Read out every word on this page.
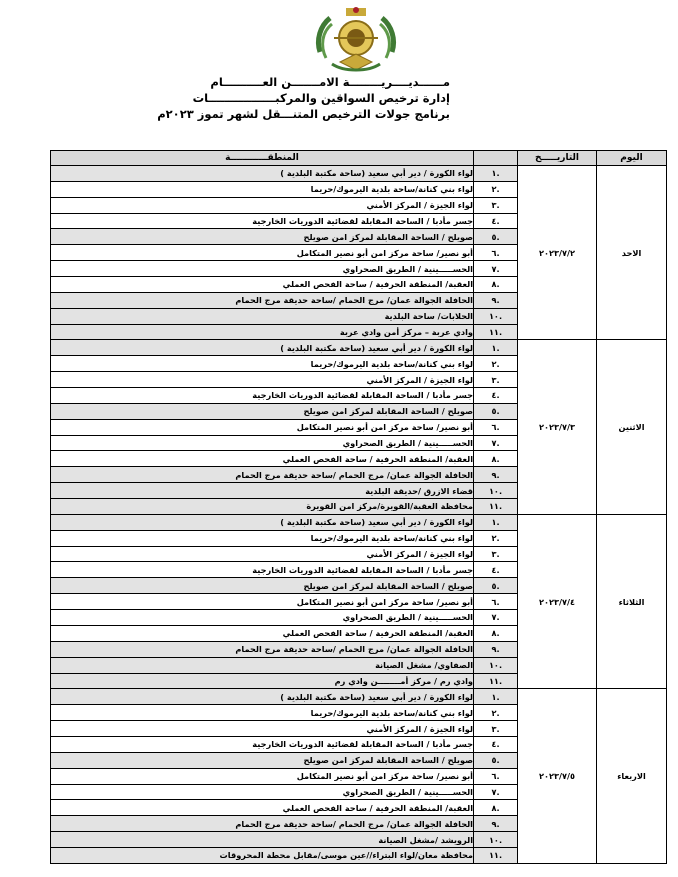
مــــــديــــريــــــــة الامـــــــن العــــــــــام
إدارة ترخيص السواقين والمركبـــــــــــــــــات
برنامج جولات الترخيص المتنـــقل لشهر تموز ٢٠٢٣م
اليوم	التاريـــــخ		المنطقــــــــــــة
الاحد	٢٠٢٣/٧/٢	.١	لواء الكورة / دير أبي سعيد (ساحة مكتبة البلدية )
		.٢	لواء بني كنانة/ساحة بلدية اليرموك/حريما
		.٣	لواء الجيزة / المركز الأمني
		.٤	جسر مأدبا / الساحة المقابلة لقضائية الدوريات الخارجية
		.٥	صويلح / الساحة المقابلة لمركز امن صويلح
		.٦	أبو نصير/ ساحة مركز امن أبو نصير المتكامل
		.٧	الحســـــينية / الطريق الصحراوي
		.٨	العقبة/ المنطقة الحرفية / ساحة الفحص العملي
		.٩	الحافلة الجوالة عمان/ مرج الحمام /ساحة حديقة مرج الحمام
		.١٠	الحلابات/ ساحة البلدية
		.١١	وادي عربة – مركز أمن وادي عربة
الاثنين	٢٠٢٣/٧/٣	.١	لواء الكورة / دير أبي سعيد (ساحة مكتبة البلدية )
		.٢	لواء بني كنانة/ساحة بلدية اليرموك/حريما
		.٣	لواء الجيزة / المركز الأمني
		.٤	جسر مأدبا / الساحة المقابلة لقضائية الدوريات الخارجية
		.٥	صويلح / الساحة المقابلة لمركز امن صويلح
		.٦	أبو نصير/ ساحة مركز امن أبو نصير المتكامل
		.٧	الحســـــينية / الطريق الصحراوي
		.٨	العقبة/ المنطقة الحرفية / ساحة الفحص العملي
		.٩	الحافلة الجوالة عمان/ مرج الحمام /ساحة حديقة مرج الحمام
		.١٠	قضاء الازرق /حديقة البلدية
		.١١	محافظة العقبة/القويرة/مركز امن القويرة
الثلاثاء	٢٠٢٣/٧/٤	.١	لواء الكورة / دير أبي سعيد (ساحة مكتبة البلدية )
		.٢	لواء بني كنانة/ساحة بلدية اليرموك/حريما
		.٣	لواء الجيزة / المركز الأمني
		.٤	جسر مأدبا / الساحة المقابلة لقضائية الدوريات الخارجية
		.٥	صويلح / الساحة المقابلة لمركز امن صويلح
		.٦	أبو نصير/ ساحة مركز امن أبو نصير المتكامل
		.٧	الحســـــينية / الطريق الصحراوي
		.٨	العقبة/ المنطقة الحرفية / ساحة الفحص العملي
		.٩	الحافلة الجوالة عمان/ مرج الحمام /ساحة حديقة مرج الحمام
		.١٠	الصفاوي/ مشغل الصيانة
		.١١	وادي رم / مركز أمــــــــن وادي رم
الاربعاء	٢٠٢٣/٧/٥	.١	لواء الكورة / دير أبي سعيد (ساحة مكتبة البلدية )
		.٢	لواء بني كنانة/ساحة بلدية اليرموك/حريما
		.٣	لواء الجيزة / المركز الأمني
		.٤	جسر مأدبا / الساحة المقابلة لقضائية الدوريات الخارجية
		.٥	صويلح / الساحة المقابلة لمركز امن صويلح
		.٦	أبو نصير/ ساحة مركز امن أبو نصير المتكامل
		.٧	الحســـــينية / الطريق الصحراوي
		.٨	العقبة/ المنطقة الحرفية / ساحة الفحص العملي
		.٩	الحافلة الجوالة عمان/ مرج الحمام /ساحة حديقة مرج الحمام
		.١٠	الرويشد /مشغل الصيانة
		.١١	محافظة معان/لواء البتراء//عين موسى/مقابل محطة المحروقات
